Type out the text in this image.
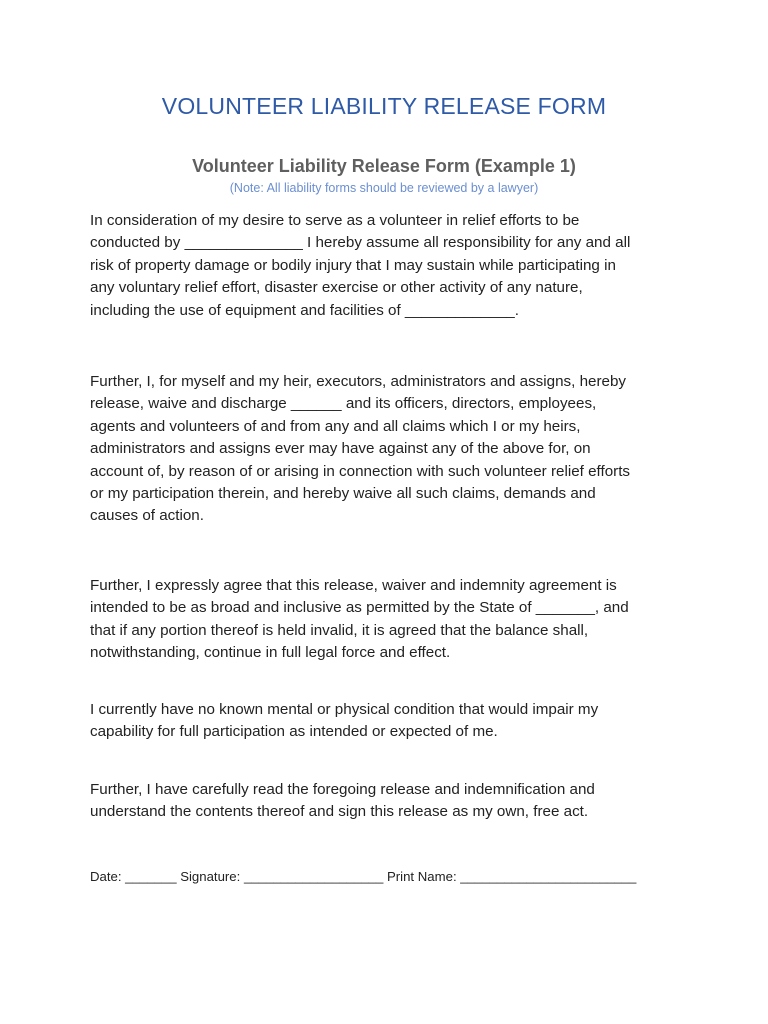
VOLUNTEER LIABILITY RELEASE FORM
Volunteer Liability Release Form (Example 1)

(Note: All liability forms should be reviewed by a lawyer)

In consideration of my desire to serve as a volunteer in relief efforts to be
conducted by ______________ I hereby assume all responsibility for any and all
risk of property damage or bodily injury that I may sustain while participating in
any voluntary relief effort, disaster exercise or other activity of any nature,
including the use of equipment and facilities of _____________.

Further, I, for myself and my heir, executors, administrators and assigns, hereby
release, waive and discharge ______ and its officers, directors, employees,
agents and volunteers of and from any and all claims which I or my heirs,
administrators and assigns ever may have against any of the above for, on
account of, by reason of or arising in connection with such volunteer relief efforts
or my participation therein, and hereby waive all such claims, demands and
causes of action.

Further, I expressly agree that this release, waiver and indemnity agreement is
intended to be as broad and inclusive as permitted by the State of _______, and
that if any portion thereof is held invalid, it is agreed that the balance shall,
notwithstanding, continue in full legal force and effect.

I currently have no known mental or physical condition that would impair my
capability for full participation as intended or expected of me.

Further, I have carefully read the foregoing release and indemnification and
understand the contents thereof and sign this release as my own, free act.

Date: _______ Signature: ___________________ Print Name: ________________________
